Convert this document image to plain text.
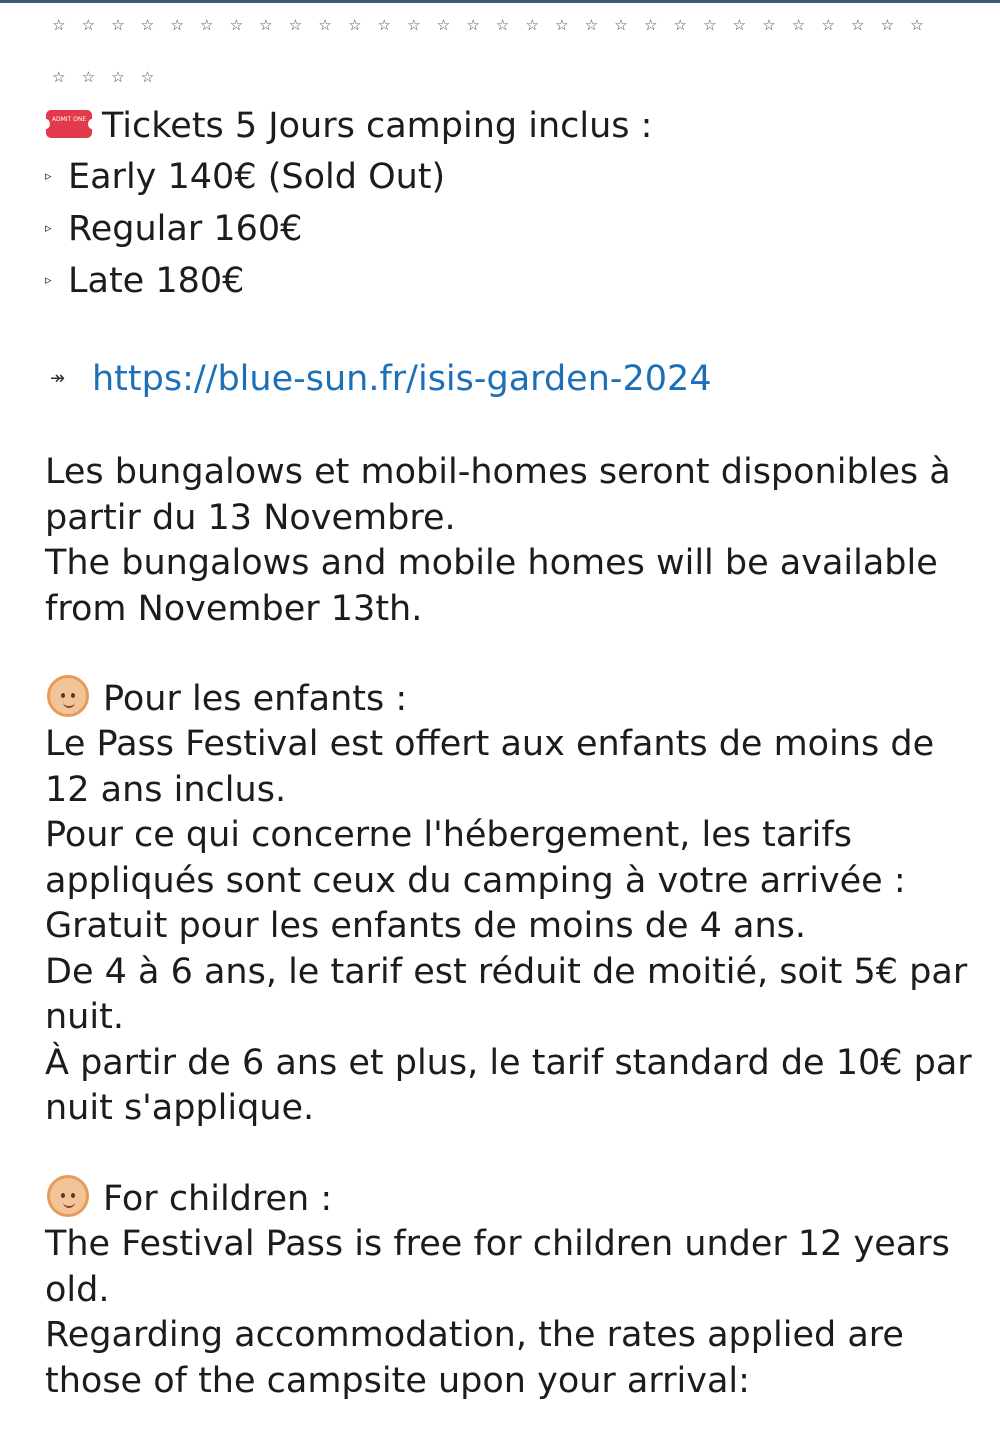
☆ ☆ ☆ ☆ ☆ ☆ ☆ ☆ ☆ ☆ ☆ ☆ ☆ ☆ ☆ ☆ ☆ ☆ ☆ ☆ ☆ ☆ ☆ ☆ ☆ ☆ ☆ ☆ ☆ ☆
☆ ☆ ☆ ☆
ADMIT ONE Tickets 5 Jours camping inclus :
▹ Early 140€ (Sold Out)
▹ Regular 160€
▹ Late 180€
↠ https://blue-sun.fr/isis-garden-2024
Les bungalows et mobil-homes seront disponibles à partir du 13 Novembre.
The bungalows and mobile homes will be available from November 13th.
Pour les enfants :
Le Pass Festival est offert aux enfants de moins de 12 ans inclus.
Pour ce qui concerne l'hébergement, les tarifs appliqués sont ceux du camping à votre arrivée :
Gratuit pour les enfants de moins de 4 ans.
De 4 à 6 ans, le tarif est réduit de moitié, soit 5€ par nuit.
À partir de 6 ans et plus, le tarif standard de 10€ par nuit s'applique.
For children :
The Festival Pass is free for children under 12 years old.
Regarding accommodation, the rates applied are those of the campsite upon your arrival:
